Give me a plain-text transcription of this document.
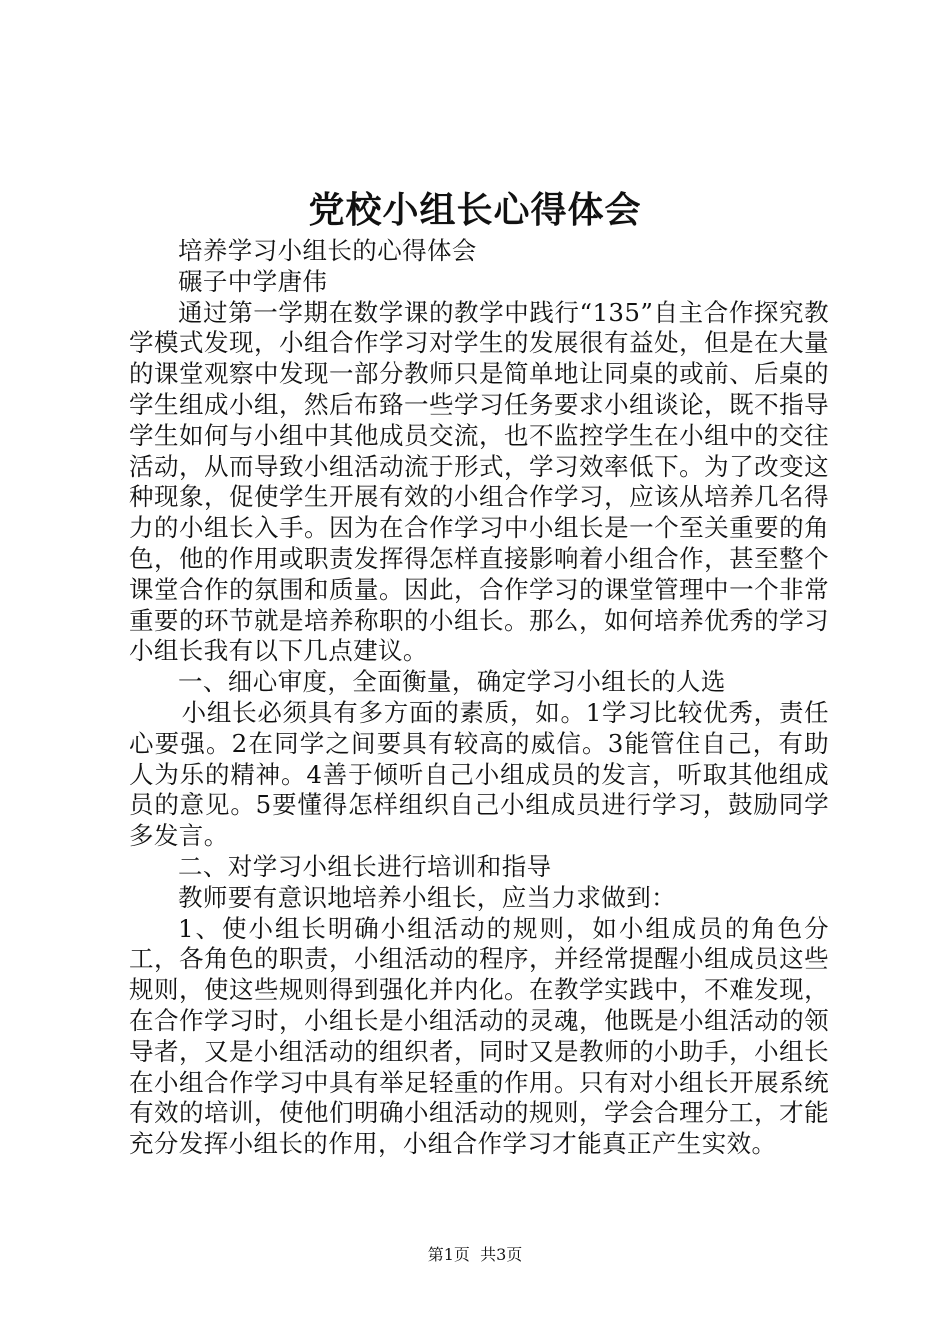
党校小组长心得体会

培养学习小组长的心得体会

碾子中学唐伟

通过第一学期在数学课的教学中践行“135”自主合作探究教学模式发现，小组合作学习对学生的发展很有益处，但是在大量的课堂观察中发现一部分教师只是简单地让同桌的或前、后桌的学生组成小组，然后布臵一些学习任务要求小组谈论，既不指导学生如何与小组中其他成员交流，也不监控学生在小组中的交往活动，从而导致小组活动流于形式，学习效率低下。为了改变这种现象，促使学生开展有效的小组合作学习，应该从培养几名得力的小组长入手。因为在合作学习中小组长是一个至关重要的角色，他的作用或职责发挥得怎样直接影响着小组合作，甚至整个课堂合作的氛围和质量。因此，合作学习的课堂管理中一个非常重要的环节就是培养称职的小组长。那么，如何培养优秀的学习小组长我有以下几点建议。

一、细心审度，全面衡量，确定学习小组长的人选

小组长必须具有多方面的素质，如。1学习比较优秀，责任心要强。2在同学之间要具有较高的威信。3能管住自己，有助人为乐的精神。4善于倾听自己小组成员的发言，听取其他组成员的意见。5要懂得怎样组织自己小组成员进行学习，鼓励同学多发言。

二、对学习小组长进行培训和指导

教师要有意识地培养小组长，应当力求做到：

1、使小组长明确小组活动的规则，如小组成员的角色分工，各角色的职责，小组活动的程序，并经常提醒小组成员这些规则，使这些规则得到强化并内化。在教学实践中，不难发现，在合作学习时，小组长是小组活动的灵魂，他既是小组活动的领导者，又是小组活动的组织者，同时又是教师的小助手，小组长在小组合作学习中具有举足轻重的作用。只有对小组长开展系统有效的培训，使他们明确小组活动的规则，学会合理分工，才能充分发挥小组长的作用，小组合作学习才能真正产生实效。

第1页 共3页
